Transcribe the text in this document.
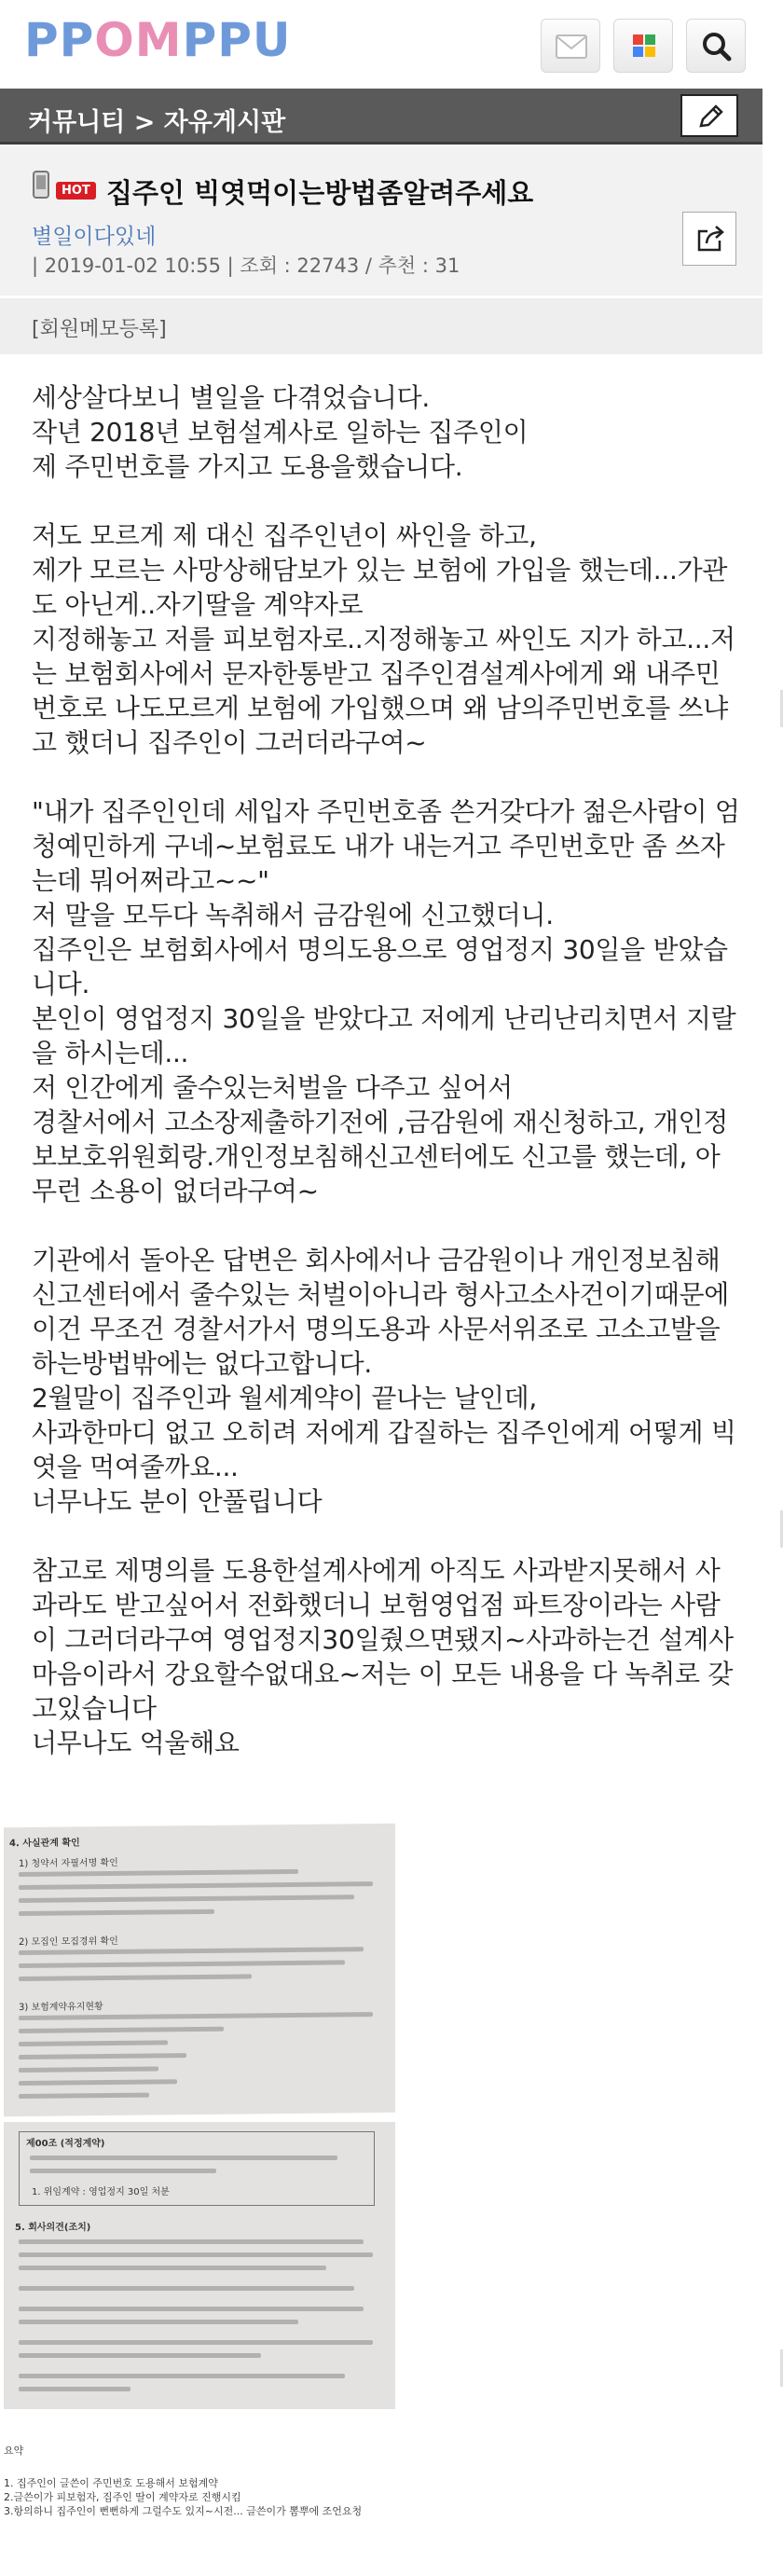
PPOMPPU
커뮤니티 > 자유게시판
HOT 집주인 빅엿먹이는방법좀알려주세요
별일이다있네
| 2019-01-02 10:55 | 조회 : 22743 / 추천 : 31
[회원메모등록]

세상살다보니 별일을 다겪었습니다.
작년 2018년 보험설계사로 일하는 집주인이
제 주민번호를 가지고 도용을했습니다.

저도 모르게 제 대신 집주인년이 싸인을 하고,
제가 모르는 사망상해담보가 있는 보험에 가입을 했는데...가관도 아닌게..자기딸을 계약자로
지정해놓고 저를 피보험자로..지정해놓고 싸인도 지가 하고...저는 보험회사에서 문자한통받고 집주인겸설계사에게 왜 내주민번호로 나도모르게 보험에 가입했으며 왜 남의주민번호를 쓰냐고 했더니 집주인이 그러더라구여~

"내가 집주인인데 세입자 주민번호좀 쓴거갖다가 젊은사람이 엄청예민하게 구네~보험료도 내가 내는거고 주민번호만 좀 쓰자는데 뭐어쩌라고~~"
저 말을 모두다 녹취해서 금감원에 신고했더니.
집주인은 보험회사에서 명의도용으로 영업정지 30일을 받았습니다.
본인이 영업정지 30일을 받았다고 저에게 난리난리치면서 지랄을 하시는데...
저 인간에게 줄수있는처벌을 다주고 싶어서
경찰서에서 고소장제출하기전에 ,금감원에 재신청하고, 개인정보보호위원회랑.개인정보침해신고센터에도 신고를 했는데, 아무런 소용이 없더라구여~

기관에서 돌아온 답변은 회사에서나 금감원이나 개인정보침해신고센터에서 줄수있는 처벌이아니라 형사고소사건이기때문에 이건 무조건 경찰서가서 명의도용과 사문서위조로 고소고발을 하는방법밖에는 없다고합니다.
2월말이 집주인과 월세계약이 끝나는 날인데,
사과한마디 없고 오히려 저에게 갑질하는 집주인에게 어떻게 빅엿을 먹여줄까요...
너무나도 분이 안풀립니다

참고로 제명의를 도용한설계사에게 아직도 사과받지못해서 사과라도 받고싶어서 전화했더니 보험영업점 파트장이라는 사람이 그러더라구여 영업정지30일줬으면됐지~사과하는건 설계사마음이라서 강요할수없대요~저는 이 모든 내용을 다 녹취로 갖고있습니다
너무나도 억울해요

4. 사실관계 확인
1) 청약서 자필서명 확인
2) 모집인 모집경위 확인
3) 보험계약유지현황
제00조 (적정계약)
1. 위임계약 : 영업정지 30일 처분
5. 회사의견(조치)
요약
1. 집주인이 글쓴이 주민번호 도용해서 보험계약
2.글쓴이가 피보험자, 집주인 딸이 계약자로 진행시킴
3.항의하니 집주인이 뻔뻔하게 그럴수도 있지~시전... 글쓴이가 뽐뿌에 조언요청
